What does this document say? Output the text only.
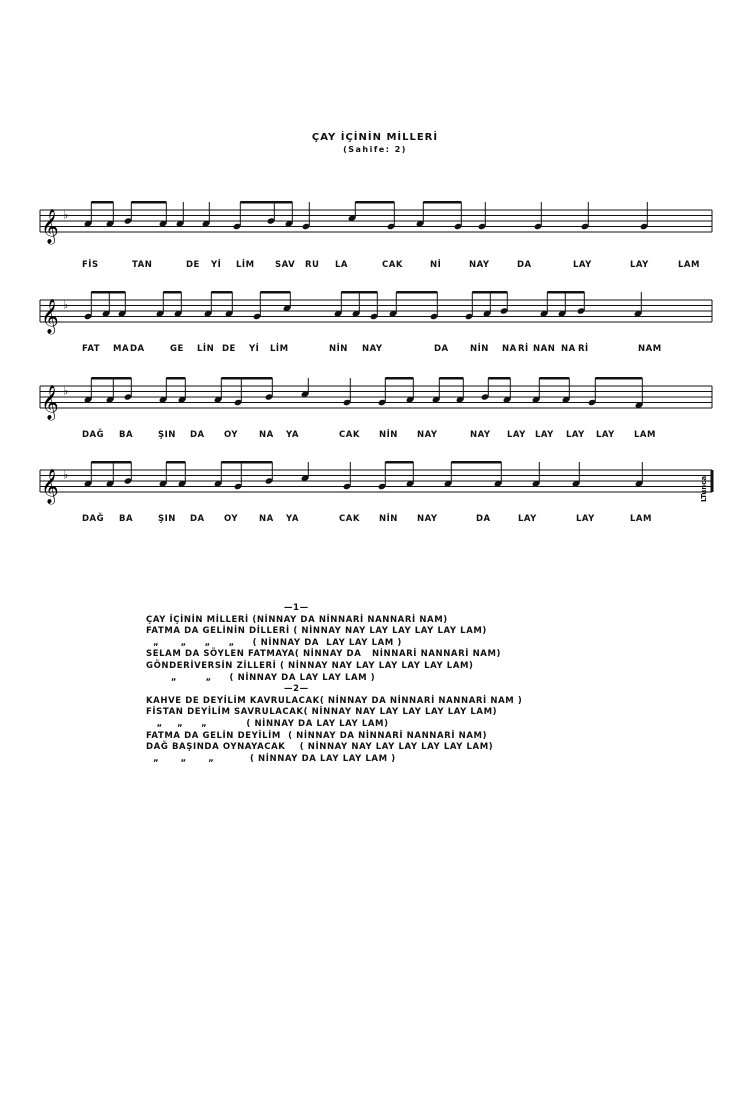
ÇAY İÇİNİN MİLLERİ
(Sahife: 2)
𝄞 ♭
FİS	TAN	DE Yİ LİM SAV RU LA	CAK	Nİ	NAY	DA	LAY	LAY	LAM
𝄞 ♭
FAT MA DA	GE LİN DE Yİ LİM	NİN NAY	DA	NİN NA Rİ NAN NA Rİ	NAM
𝄞 ♭
DAĞ BA	ŞIN DA OY NA YA	CAK NİN NAY	NAY LAY LAY LAY LAY LAM
𝄞 ♭
DAĞ BA	ŞIN DA OY NA YA	CAK NİN NAY	DA	LAY	LAY	LAM
LTunca
—1—
ÇAY İÇİNİN MİLLERİ (NİNNAY DA NİNNARİ NANNARİ NAM)
FATMA DA GELİNİN DİLLERİ ( NİNNAY NAY LAY LAY LAY LAY LAM)
„      „     „     „     ( NİNNAY DA  LAY LAY LAM )
SELAM DA SÖYLEN FATMAYA( NİNNAY DA   NİNNARİ NANNARİ NAM)
GÖNDERİVERSİN ZİLLERİ ( NİNNAY NAY LAY LAY LAY LAY LAM)
„        „     ( NİNNAY DA LAY LAY LAM )
—2—
KAHVE DE DEYİLİM KAVRULACAK( NİNNAY DA NİNNARİ NANNARİ NAM )
FİSTAN DEYİLİM SAVRULACAK( NİNNAY NAY LAY LAY LAY LAY LAM)
„    „     „           ( NİNNAY DA LAY LAY LAM)
FATMA DA GELİN DEYİLİM  ( NİNNAY DA NİNNARİ NANNARİ NAM)
DAĞ BAŞINDA OYNAYACAK    ( NİNNAY NAY LAY LAY LAY LAY LAM)
„      „      „          ( NİNNAY DA LAY LAY LAM )
